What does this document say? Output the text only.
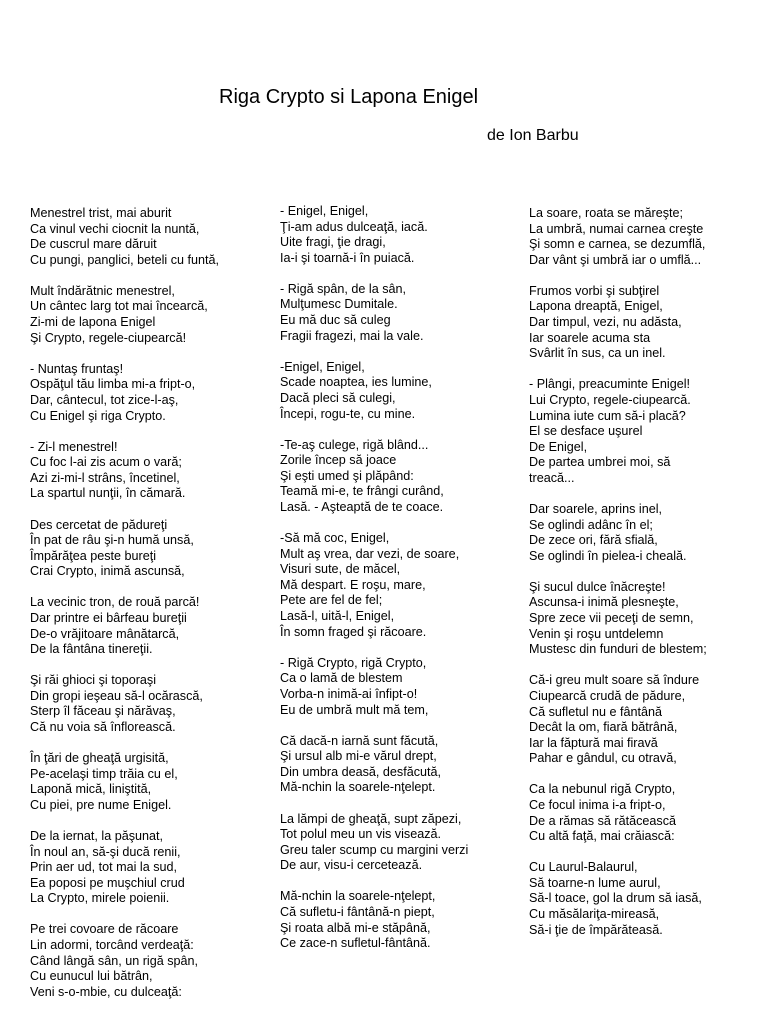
Riga Crypto si Lapona Enigel
de Ion Barbu
Menestrel trist, mai aburit
Ca vinul vechi ciocnit la nuntă,
De cuscrul mare dăruit
Cu pungi, panglici, beteli cu funtă,
Mult îndărătnic menestrel,
Un cântec larg tot mai încearcă,
Zi-mi de lapona Enigel
Şi Crypto, regele-ciupearcă!
- Nuntaş fruntaş!
Ospăţul tău limba mi-a fript-o,
Dar, cântecul, tot zice-l-aş,
Cu Enigel şi riga Crypto.
- Zi-l menestrel!
Cu foc l-ai zis acum o vară;
Azi zi-mi-l strâns, încetinel,
La spartul nunţii, în cămară.
Des cercetat de pădureţi
În pat de râu şi-n humă unsă,
Împărăţea peste bureţi
Crai Crypto, inimă ascunsă,
La vecinic tron, de rouă parcă!
Dar printre ei bârfeau bureţii
De-o vrăjitoare mânătarcă,
De la fântâna tinereţii.
Şi răi ghioci şi toporaşi
Din gropi ieşeau să-l ocărască,
Sterp îl făceau şi nărăvaş,
Că nu voia să înflorească.
În ţări de gheaţă urgisită,
Pe-acelaşi timp trăia cu el,
Laponă mică, liniştită,
Cu piei, pre nume Enigel.
De la iernat, la păşunat,
În noul an, să-şi ducă renii,
Prin aer ud, tot mai la sud,
Ea poposi pe muşchiul crud
La Crypto, mirele poienii.
Pe trei covoare de răcoare
Lin adormi, torcând verdeaţă:
Când lângă sân, un rigă spân,
Cu eunucul lui bătrân,
Veni s-o-mbie, cu dulceaţă:
- Enigel, Enigel,
Ţi-am adus dulceaţă, iacă.
Uite fragi, ţie dragi,
Ia-i şi toarnă-i în puiacă.
- Rigă spân, de la sân,
Mulţumesc Dumitale.
Eu mă duc să culeg
Fragii fragezi, mai la vale.
-Enigel, Enigel,
Scade noaptea, ies lumine,
Dacă pleci să culegi,
Începi, rogu-te, cu mine.
-Te-aş culege, rigă blând...
Zorile încep să joace
Şi eşti umed şi plăpând:
Teamă mi-e, te frângi curând,
Lasă. - Aşteaptă de te coace.
-Să mă coc, Enigel,
Mult aş vrea, dar vezi, de soare,
Visuri sute, de măcel,
Mă despart. E roşu, mare,
Pete are fel de fel;
Lasă-l, uită-l, Enigel,
În somn fraged şi răcoare.
- Rigă Crypto, rigă Crypto,
Ca o lamă de blestem
Vorba-n inimă-ai înfipt-o!
Eu de umbră mult mă tem,
Că dacă-n iarnă sunt făcută,
Şi ursul alb mi-e vărul drept,
Din umbra deasă, desfăcută,
Mă-nchin la soarele-nţelept.
La lămpi de gheaţă, supt zăpezi,
Tot polul meu un vis visează.
Greu taler scump cu margini verzi
De aur, visu-i cercetează.
Mă-nchin la soarele-nţelept,
Că sufletu-i fântână-n piept,
Şi roata albă mi-e stăpână,
Ce zace-n sufletul-fântână.
La soare, roata se măreşte;
La umbră, numai carnea creşte
Şi somn e carnea, se dezumflă,
Dar vânt şi umbră iar o umflă...
Frumos vorbi şi subţirel
Lapona dreaptă, Enigel,
Dar timpul, vezi, nu adăsta,
Iar soarele acuma sta
Svârlit în sus, ca un inel.
- Plângi, preacuminte Enigel!
Lui Crypto, regele-ciupearcă.
Lumina iute cum să-i placă?
El se desface uşurel
De Enigel,
De partea umbrei moi, să
treacă...
Dar soarele, aprins inel,
Se oglindi adânc în el;
De zece ori, fără sfială,
Se oglindi în pielea-i cheală.
Şi sucul dulce înăcreşte!
Ascunsa-i inimă plesneşte,
Spre zece vii peceţi de semn,
Venin şi roşu untdelemn
Mustesc din funduri de blestem;
Că-i greu mult soare să îndure
Ciupearcă crudă de pădure,
Că sufletul nu e fântână
Decât la om, fiară bătrână,
Iar la făptură mai firavă
Pahar e gândul, cu otravă,
Ca la nebunul rigă Crypto,
Ce focul inima i-a fript-o,
De a rămas să rătăcească
Cu altă faţă, mai crăiască:
Cu Laurul-Balaurul,
Să toarne-n lume aurul,
Să-l toace, gol la drum să iasă,
Cu măsălariţa-mireasă,
Să-i ţie de împărăteasă.
